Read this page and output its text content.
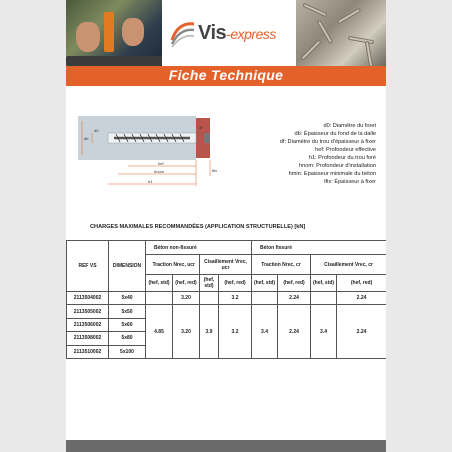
Vis-express
Fiche Technique
db
d0
df
hef
hnom
h1
tfix
d0: Diamètre du foret
db: Épaisseur du fond de la dalle
df: Diamètre du trou d'épaisseur à fixer
hef: Profondeur effective
h1: Profondeur du trou foré
hnom: Profondeur d'installation
hmin: Epaisseur minimale du béton
tfix: Épaisseur à fixer
CHARGES MAXIMALES RECOMMANDÉES (APPLICATION STRUCTURELLE) [kN]
REF VS	DIMENSION	Béton non-fissuré				Béton fissuré			
		Traction Nrec, ucr		Cisaillement Vrec, ucr		Traction Nrec, cr		Cisaillement Vrec, cr	
		(hef, std)	(hef, red)	(hef, std)	(hef, red)	(hef, std)	(hef, red)	(hef, std)	(hef, red)
2113504002	5x40		3.20		3.2		2.24		2.24
2113505002	5x50	4.85	3.20	3.9	3.2	3.4	2.24	3.4	2.24
2113506002	5x60								
2113508002	5x80								
2113510002	5x100								
